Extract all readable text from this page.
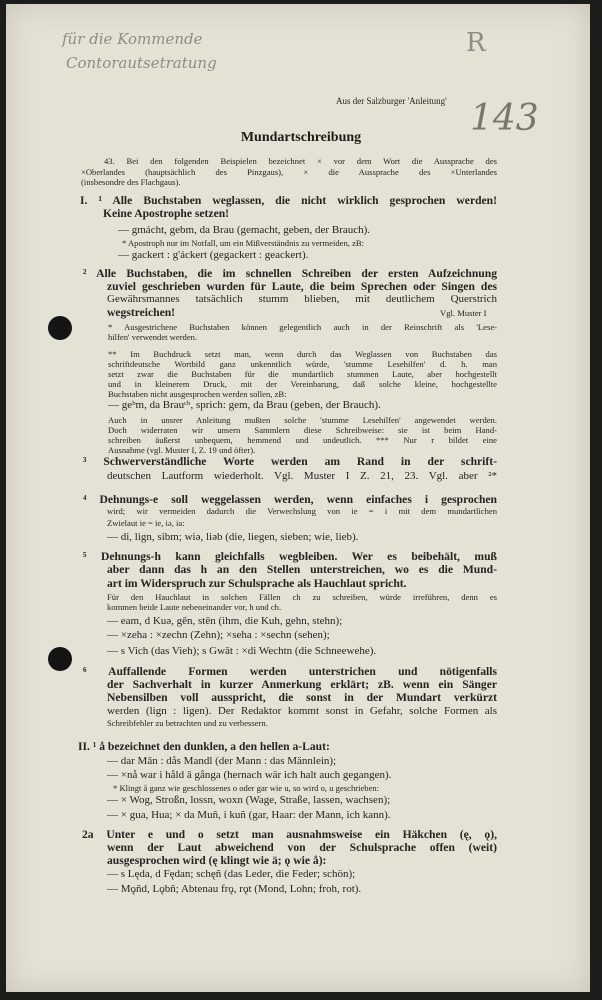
für die Kommende
Contorautsetratung
R
143
Aus der Salzburger 'Anleitung'
Mundartschreibung
43. Bei den folgenden Beispielen bezeichnet × vor dem Wort die Aussprache des
×Oberlandes (hauptsächlich des Pinzgaus), × die Aussprache des ×Unterlandes
(insbesondre des Flachgaus).
I. ¹ Alle Buchstaben weglassen, die nicht wirklich gesprochen werden!
Keine Apostrophe setzen!
— gmácht, gebm, da Brau (gemacht, geben, der Brauch).
* Apostroph nur im Notfall, um ein Mißverständnis zu vermeiden, zB:
— gackert : g'áckert (gegackert : geackert).
² Alle Buchstaben, die im schnellen Schreiben der ersten Aufzeichnung
zuviel geschrieben wurden für Laute, die beim Sprechen oder Singen des
Gewährsmannes tatsächlich stumm blieben, mit deutlichem Querstrich
wegstreichen!	Vgl. Muster I
* Ausgestrichene Buchstaben können gelegentlich auch in der Reinschrift als 'Lese-
hilfen' verwendet werden.
** Im Buchdruck setzt man, wenn durch das Weglassen von Buchstaben das
schriftdeutsche Wortbild ganz unkenntlich würde, 'stumme Lesehilfen' d. h. man
setzt zwar die Buchstaben für die mundartlich stummen Laute, aber hochgestellt
und in kleinerem Druck, mit der Vereinbarung, daß solche kleine, hochgestellte
Buchstaben nicht ausgesprochen werden sollen, zB:
— geᵇm, da Brauᶜʰ, sprich: gem, da Brau (geben, der Brauch).
Auch in unsrer Anleitung mußten solche 'stumme Lesehilfen' angewendet werden.
Doch widerraten wir unsern Sammlern diese Schreibweise: sie ist beim Hand-
schreiben äußerst unbequem, hemmend und undeutlich. *** Nur r bildet eine
Ausnahme (vgl. Muster I, Z. 19 und öfter).
³ Schwerverständliche Worte werden am Rand in der schrift-
deutschen Lautform wiederholt. Vgl. Muster I Z. 21, 23. Vgl. aber ²*
⁴ Dehnungs-e soll weggelassen werden, wenn einfaches i gesprochen
wird; wir vermeiden dadurch die Verwechslung von ie = i mit dem mundartlichen
Zwielaut ie = ie, iə, ia:
— di, lign, sibm; wiə, liəb (die, liegen, sieben; wie, lieb).
⁵ Dehnungs-h kann gleichfalls wegbleiben. Wer es beibehält, muß
aber dann das h an den Stellen unterstreichen, wo es die Mund-
art im Widerspruch zur Schulsprache als Hauchlaut spricht.
Für den Hauchlaut in solchen Fällen ch zu schreiben, würde irreführen, denn es
kommen beide Laute nebeneinander vor, h und ch.
— eam, d Kuə, gēn, stēn (ihm, die Kuh, gehn, stehn);
— ×zeha : ×zechn (Zehn); ×seha : ×sechn (sehen);
— s Vich (das Vieh); s Gwāt : ×di Wechtn (die Schneewehe).
⁶ Auffallende Formen werden unterstrichen und nötigenfalls
der Sachverhalt in kurzer Anmerkung erklärt; zB. wenn ein Sänger
Nebensilben voll ausspricht, die sonst in der Mundart verkürzt
werden (lign : ligen). Der Redaktor kommt sonst in Gefahr, solche Formen als
Schreibfehler zu betrachten und zu verbessern.
II. ¹ å bezeichnet den dunklen, a den hellen a-Laut:
— dar Mān : dås Mandl (der Mann : das Männlein);
— ×nå war i håld ā gånga (hernach wär ich halt auch gegangen).
* Klingt å ganz wie geschlossenes o oder gar wie u, so wird o, u geschrieben:
— × Wog, Stroßn, lossn, woxn (Wage, Straße, lassen, wachsen);
— × gua, Hua; × da Muñ, i kuñ (gar, Haar: der Mann, ich kann).
2a Unter e und o setzt man ausnahmsweise ein Häkchen (ę, ǫ),
wenn der Laut abweichend von der Schulsprache offen (weit)
ausgesprochen wird (ę klingt wie ä; ǫ wie å):
— s Lęda, d Fędan; schęñ (das Leder, die Feder; schön);
— Mǫñd, Lǫbñ; Abtenau frǫ, rǫt (Mond, Lohn; froh, rot).
